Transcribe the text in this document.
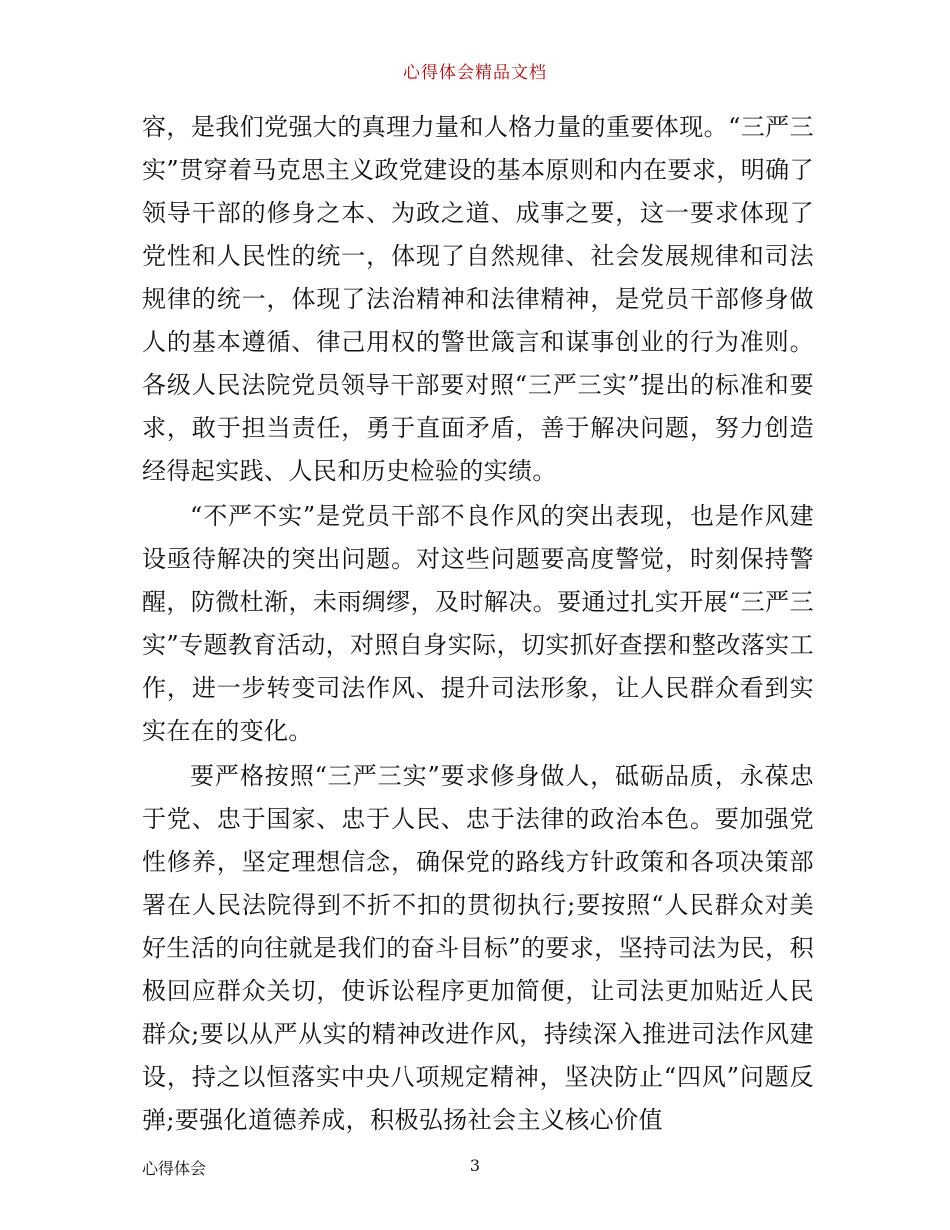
心得体会精品文档

容，是我们党强大的真理力量和人格力量的重要体现。“三严三实”贯穿着马克思主义政党建设的基本原则和内在要求，明确了领导干部的修身之本、为政之道、成事之要，这一要求体现了党性和人民性的统一，体现了自然规律、社会发展规律和司法规律的统一，体现了法治精神和法律精神，是党员干部修身做人的基本遵循、律己用权的警世箴言和谋事创业的行为准则。各级人民法院党员领导干部要对照“三严三实”提出的标准和要求，敢于担当责任，勇于直面矛盾，善于解决问题，努力创造经得起实践、人民和历史检验的实绩。

“不严不实”是党员干部不良作风的突出表现，也是作风建设亟待解决的突出问题。对这些问题要高度警觉，时刻保持警醒，防微杜渐，未雨绸缪，及时解决。要通过扎实开展“三严三实”专题教育活动，对照自身实际，切实抓好查摆和整改落实工作，进一步转变司法作风、提升司法形象，让人民群众看到实实在在的变化。

要严格按照“三严三实”要求修身做人，砥砺品质，永葆忠于党、忠于国家、忠于人民、忠于法律的政治本色。要加强党性修养，坚定理想信念，确保党的路线方针政策和各项决策部署在人民法院得到不折不扣的贯彻执行;要按照“人民群众对美好生活的向往就是我们的奋斗目标”的要求，坚持司法为民，积极回应群众关切，使诉讼程序更加简便，让司法更加贴近人民群众;要以从严从实的精神改进作风，持续深入推进司法作风建设，持之以恒落实中央八项规定精神，坚决防止“四风”问题反弹;要强化道德养成，积极弘扬社会主义核心价值

心得体会	3
